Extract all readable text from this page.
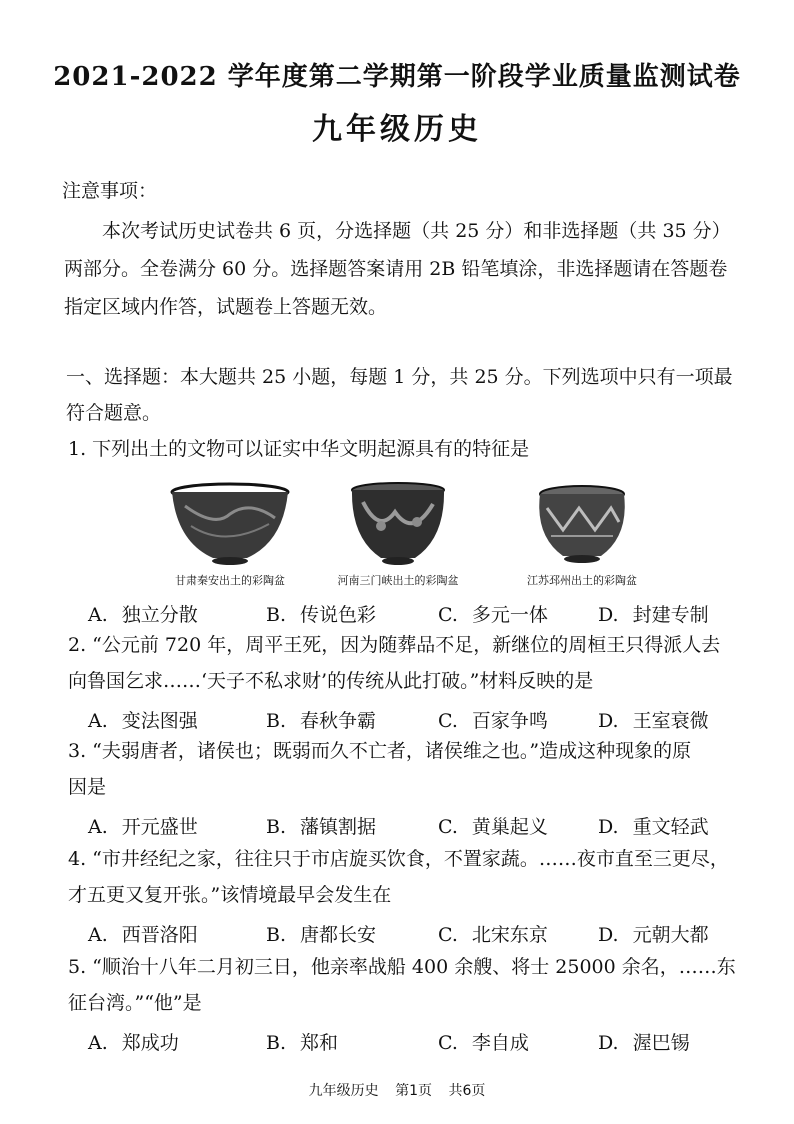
2021-2022 学年度第二学期第一阶段学业质量监测试卷
九年级历史
注意事项：
本次考试历史试卷共 6 页，分选择题（共 25 分）和非选择题（共 35 分）
两部分。全卷满分 60 分。选择题答案请用 2B 铅笔填涂，非选择题请在答题卷
指定区域内作答，试题卷上答题无效。
一、选择题：本大题共 25 小题，每题 1 分，共 25 分。下列选项中只有一项最
符合题意。
1. 下列出土的文物可以证实中华文明起源具有的特征是
甘肃秦安出土的彩陶盆	河南三门峡出土的彩陶盆	江苏邳州出土的彩陶盆
A. 独立分散	B. 传说色彩	C. 多元一体	D. 封建专制
2. “公元前 720 年，周平王死，因为随葬品不足，新继位的周桓王只得派人去
向鲁国乞求……‘天子不私求财’的传统从此打破。”材料反映的是
A. 变法图强	B. 春秋争霸	C. 百家争鸣	D. 王室衰微
3. “夫弱唐者，诸侯也；既弱而久不亡者，诸侯维之也。”造成这种现象的原
因是
A. 开元盛世	B. 藩镇割据	C. 黄巢起义	D. 重文轻武
4. “市井经纪之家，往往只于市店旋买饮食，不置家蔬。……夜市直至三更尽，
才五更又复开张。”该情境最早会发生在
A. 西晋洛阳	B. 唐都长安	C. 北宋东京	D. 元朝大都
5. “顺治十八年二月初三日，他亲率战船 400 余艘、将士 25000 余名，……东
征台湾。”“他”是
A. 郑成功	B. 郑和	C. 李自成	D. 渥巴锡
九年级历史 第1页 共6页
